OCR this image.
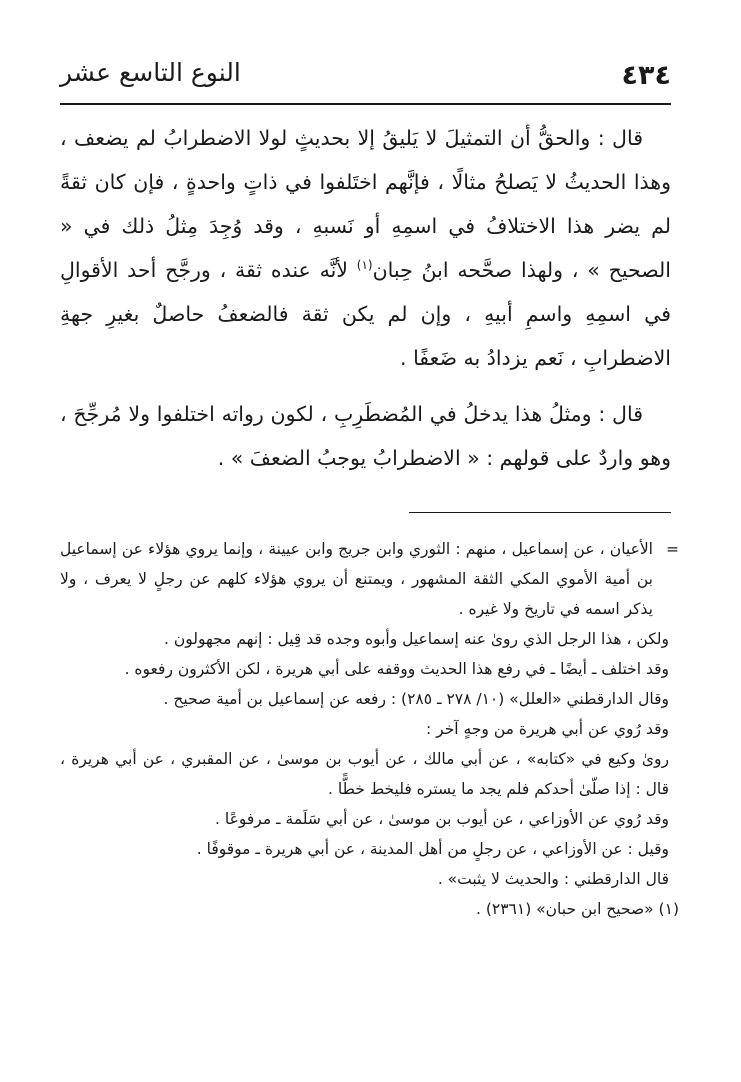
٤٣٤
النوع التاسع عشر

قال : والحقُّ أن التمثيلَ لا يَليقُ إلا بحديثٍ لولا الاضطرابُ لم يضعف ، وهذا الحديثُ لا يَصلحُ مثالًا ، فإنَّهم اختَلفوا في ذاتٍ واحدةٍ ، فإن كان ثقةً لم يضر هذا الاختلافُ في اسمِهِ أو نَسبهِ ، وقد وُجِدَ مِثلُ ذلك في « الصحيح » ، ولهذا صحَّحه ابنُ حِبان$^{(١)}$ لأنَّه عنده ثقة ، ورجَّح أحد الأقوالِ في اسمِهِ واسمِ أبيهِ ، وإن لم يكن ثقة فالضعفُ حاصلٌ بغيرِ جهةِ الاضطرابِ ، نَعم يزدادُ به ضَعفًا .

قال : ومثلُ هذا يدخلُ في المُضطَرِبِ ، لكون رواته اختلفوا ولا مُرجِّحَ ، وهو واردٌ على قولهم : « الاضطرابُ يوجبُ الضعفَ » .

=
الأعيان ، عن إسماعيل ، منهم : الثوري وابن جريج وابن عيينة ، وإنما يروي هؤلاء عن إسماعيل بن أمية الأموي المكي الثقة المشهور ، ويمتنع أن يروي هؤلاء كلهم عن رجلٍ لا يعرف ، ولا يذكر اسمه في تاريخ ولا غيره .

ولكن ، هذا الرجل الذي روىٰ عنه إسماعيل وأبوه وجده قد قِيل : إنهم مجهولون .

وقد اختلف ـ أيضًا ـ في رفع هذا الحديث ووقفه على أبي هريرة ، لكن الأكثرون رفعوه .

وقال الدارقطني «العلل» (١٠/ ٢٧٨ ـ ٢٨٥) : رفعه عن إسماعيل بن أمية صحيح .

وقد رُوي عن أبي هريرة من وجهٍ آخر :

روىٰ وكيع في «كتابه» ، عن أبي مالك ، عن أيوب بن موسىٰ ، عن المقبري ، عن أبي هريرة ، قال : إذا صلّىٰ أحدكم فلم يجد ما يستره فليخط خطًّا .

وقد رُوي عن الأوزاعي ، عن أيوب بن موسىٰ ، عن أبي سَلَمة ـ مرفوعًا .

وقيل : عن الأوزاعي ، عن رجلٍ من أهل المدينة ، عن أبي هريرة ـ موقوفًا .

قال الدارقطني : والحديث لا يثبت» .

(١) «صحيح ابن حبان» (٢٣٦١) .
